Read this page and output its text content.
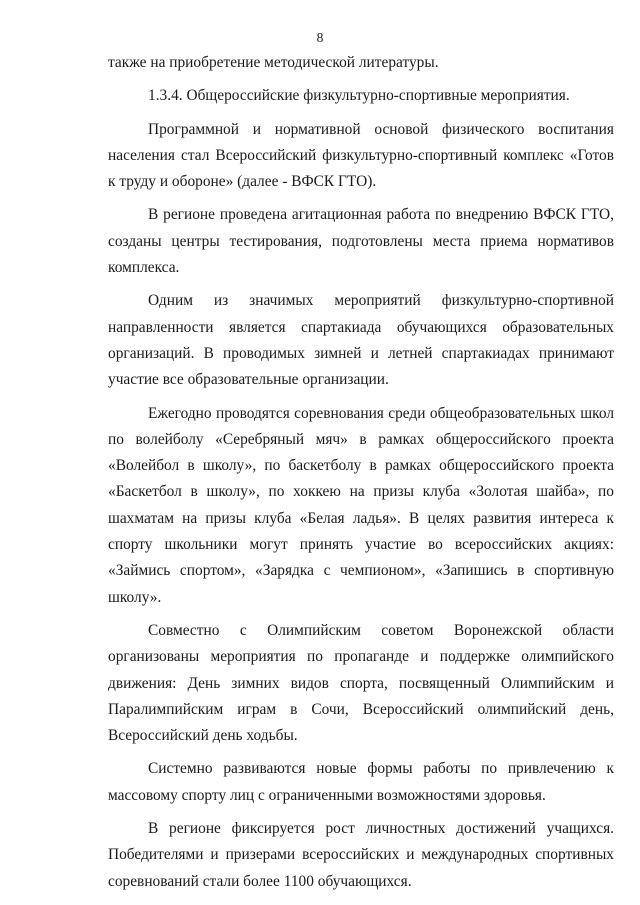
8

также на приобретение методической литературы.

1.3.4. Общероссийские физкультурно-спортивные мероприятия.

Программной и нормативной основой физического воспитания населения стал Всероссийский физкультурно-спортивный комплекс «Готов к труду и обороне» (далее - ВФСК ГТО).

В регионе проведена агитационная работа по внедрению ВФСК ГТО, созданы центры тестирования, подготовлены места приема нормативов комплекса.

Одним из значимых мероприятий физкультурно-спортивной направленности является спартакиада обучающихся образовательных организаций. В проводимых зимней и летней спартакиадах принимают участие все образовательные организации.

Ежегодно проводятся соревнования среди общеобразовательных школ по волейболу «Серебряный мяч» в рамках общероссийского проекта «Волейбол в школу», по баскетболу в рамках общероссийского проекта «Баскетбол в школу», по хоккею на призы клуба «Золотая шайба», по шахматам на призы клуба «Белая ладья». В целях развития интереса к спорту школьники могут принять участие во всероссийских акциях: «Займись спортом», «Зарядка с чемпионом», «Запишись в спортивную школу».

Совместно с Олимпийским советом Воронежской области организованы мероприятия по пропаганде и поддержке олимпийского движения: День зимних видов спорта, посвященный Олимпийским и Паралимпийским играм в Сочи, Всероссийский олимпийский день, Всероссийский день ходьбы.

Системно развиваются новые формы работы по привлечению к массовому спорту лиц с ограниченными возможностями здоровья.

В регионе фиксируется рост личностных достижений учащихся. Победителями и призерами всероссийских и международных спортивных соревнований стали более 1100 обучающихся.
